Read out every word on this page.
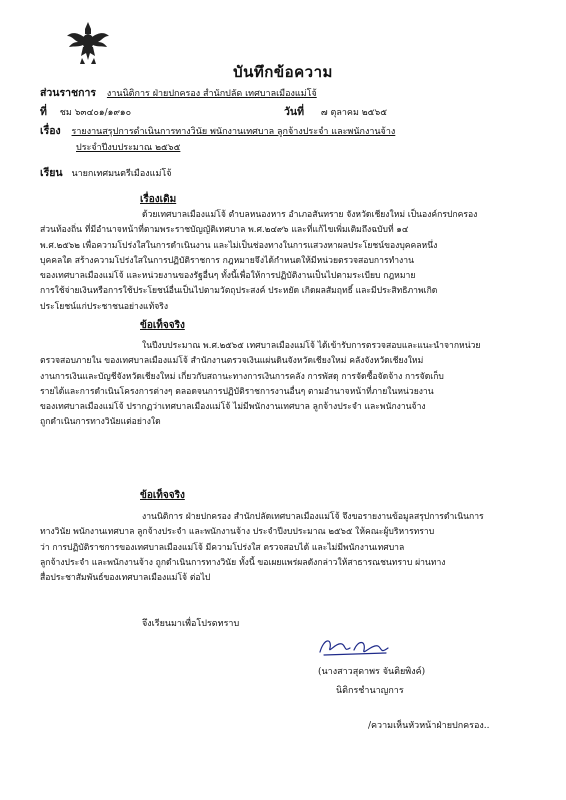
บันทึกข้อความ
ส่วนราชการ งานนิติการ ฝ่ายปกครอง สำนักปลัด เทศบาลเมืองแม่โจ้
ที่ ชม ๖๓๔๐๑/๑๙๑๐	วันที่ ๗ ตุลาคม ๒๕๖๕
เรื่อง รายงานสรุปการดำเนินการทางวินัย พนักงานเทศบาล ลูกจ้างประจำ และพนักงานจ้าง
ประจำปีงบประมาณ ๒๕๖๕
เรียน นายกเทศมนตรีเมืองแม่โจ้
เรื่องเดิม
ด้วยเทศบาลเมืองแม่โจ้ ตำบลหนองหาร อำเภอสันทราย จังหวัดเชียงใหม่ เป็นองค์กรปกครอง
ส่วนท้องถิ่น ที่มีอำนาจหน้าที่ตามพระราชบัญญัติเทศบาล พ.ศ.๒๔๙๖ และที่แก้ไขเพิ่มเติมถึงฉบับที่ ๑๔
พ.ศ.๒๕๖๒ เพื่อความโปร่งใสในการดำเนินงาน และไม่เป็นช่องทางในการแสวงหาผลประโยชน์ของบุคคลหนึ่ง
บุคคลใด สร้างความโปร่งใสในการปฏิบัติราชการ กฎหมายจึงได้กำหนดให้มีหน่วยตรวจสอบการทำงาน
ของเทศบาลเมืองแม่โจ้ และหน่วยงานของรัฐอื่นๆ ทั้งนี้เพื่อให้การปฏิบัติงานเป็นไปตามระเบียบ กฎหมาย
การใช้จ่ายเงินหรือการใช้ประโยชน์อื่นเป็นไปตามวัตถุประสงค์ ประหยัด เกิดผลสัมฤทธิ์ และมีประสิทธิภาพเกิด
ประโยชน์แก่ประชาชนอย่างแท้จริง
ข้อเท็จจริง
ในปีงบประมาณ พ.ศ.๒๕๖๕ เทศบาลเมืองแม่โจ้ ได้เข้ารับการตรวจสอบและแนะนำจากหน่วย
ตรวจสอบภายใน ของเทศบาลเมืองแม่โจ้ สำนักงานตรวจเงินแผ่นดินจังหวัดเชียงใหม่ คลังจังหวัดเชียงใหม่
งานการเงินและบัญชีจังหวัดเชียงใหม่ เกี่ยวกับสถานะทางการเงินการคลัง การพัสดุ การจัดซื้อจัดจ้าง การจัดเก็บ
รายได้และการดำเนินโครงการต่างๆ ตลอดจนการปฏิบัติราชการงานอื่นๆ ตามอำนาจหน้าที่ภายในหน่วยงาน
ของเทศบาลเมืองแม่โจ้ ปรากฏว่าเทศบาลเมืองแม่โจ้ ไม่มีพนักงานเทศบาล ลูกจ้างประจำ และพนักงานจ้าง
ถูกดำเนินการทางวินัยแต่อย่างใด
ข้อเท็จจริง
งานนิติการ ฝ่ายปกครอง สำนักปลัดเทศบาลเมืองแม่โจ้ จึงขอรายงานข้อมูลสรุปการดำเนินการ
ทางวินัย พนักงานเทศบาล ลูกจ้างประจำ และพนักงานจ้าง ประจำปีงบประมาณ ๒๕๖๕ ให้คณะผู้บริหารทราบ
ว่า การปฏิบัติราชการของเทศบาลเมืองแม่โจ้ มีความโปร่งใส ตรวจสอบได้ และไม่มีพนักงานเทศบาล
ลูกจ้างประจำ และพนักงานจ้าง ถูกดำเนินการทางวินัย ทั้งนี้ ขอเผยแพร่ผลดังกล่าวให้สาธารณชนทราบ ผ่านทาง
สื่อประชาสัมพันธ์ของเทศบาลเมืองแม่โจ้ ต่อไป
จึงเรียนมาเพื่อโปรดทราบ
(นางสาวสุดาพร จันติยพิงค์)
นิติกรชำนาญการ
/ความเห็นหัวหน้าฝ่ายปกครอง..
